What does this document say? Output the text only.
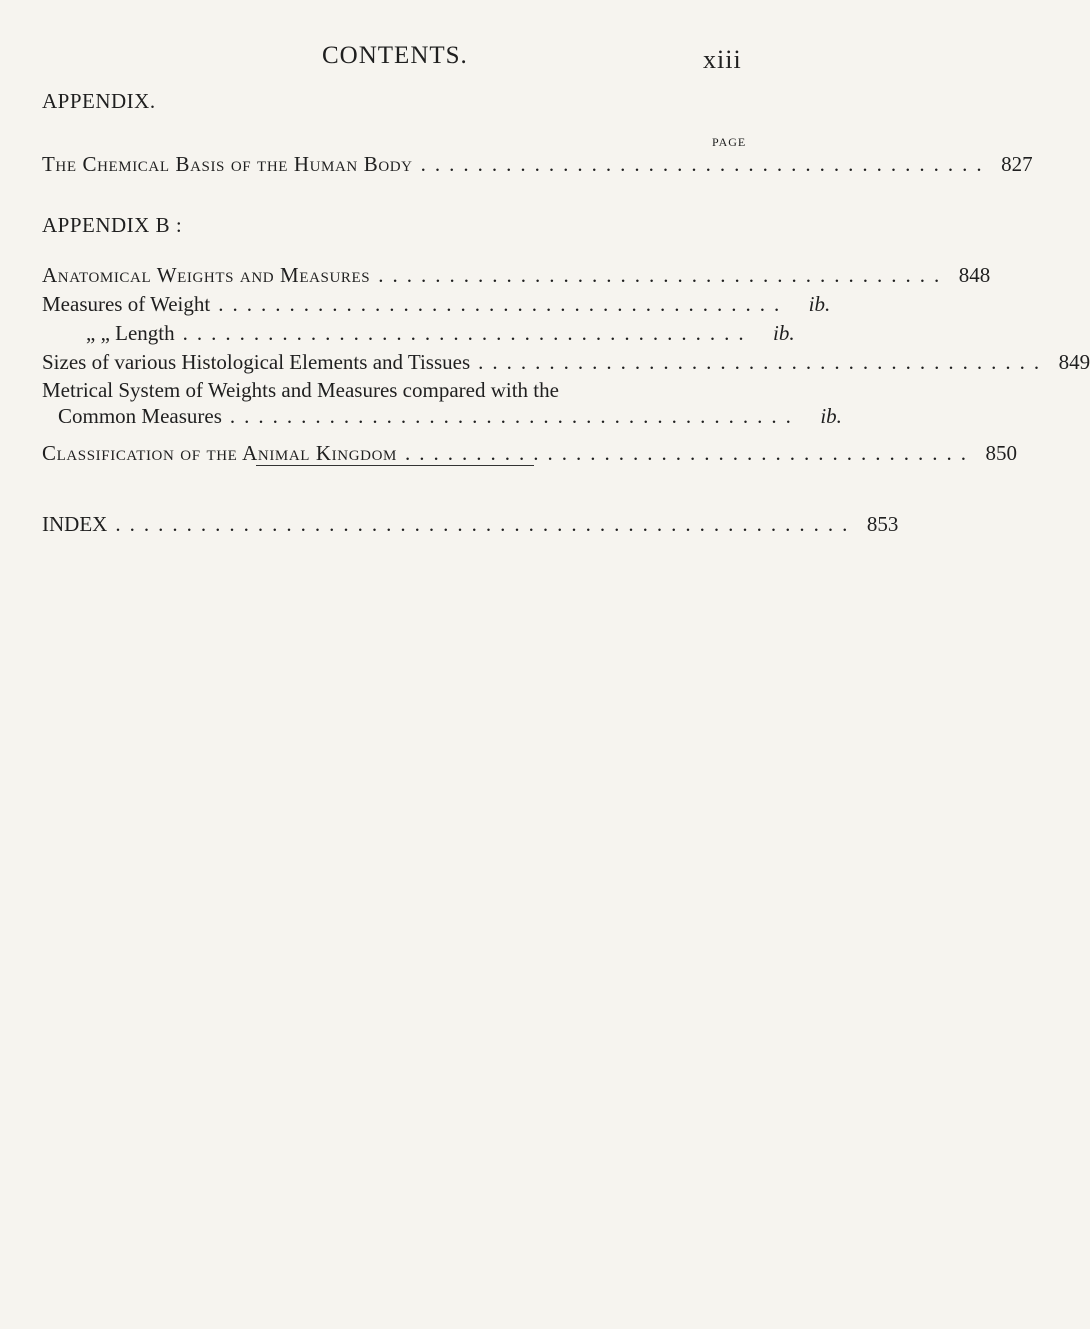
CONTENTS.	xiii
APPENDIX.
PAGE
The Chemical Basis of the Human Body ........................................ 827
APPENDIX B :
Anatomical Weights and Measures ........................................ 848
Measures of Weight ........................................ ib.
„ „ Length ........................................ ib.
Sizes of various Histological Elements and Tissues ........................................ 849
Metrical System of Weights and Measures compared with the
Common Measures ........................................ ib.
Classification of the Animal Kingdom ........................................ 850
INDEX .................................................... 853
